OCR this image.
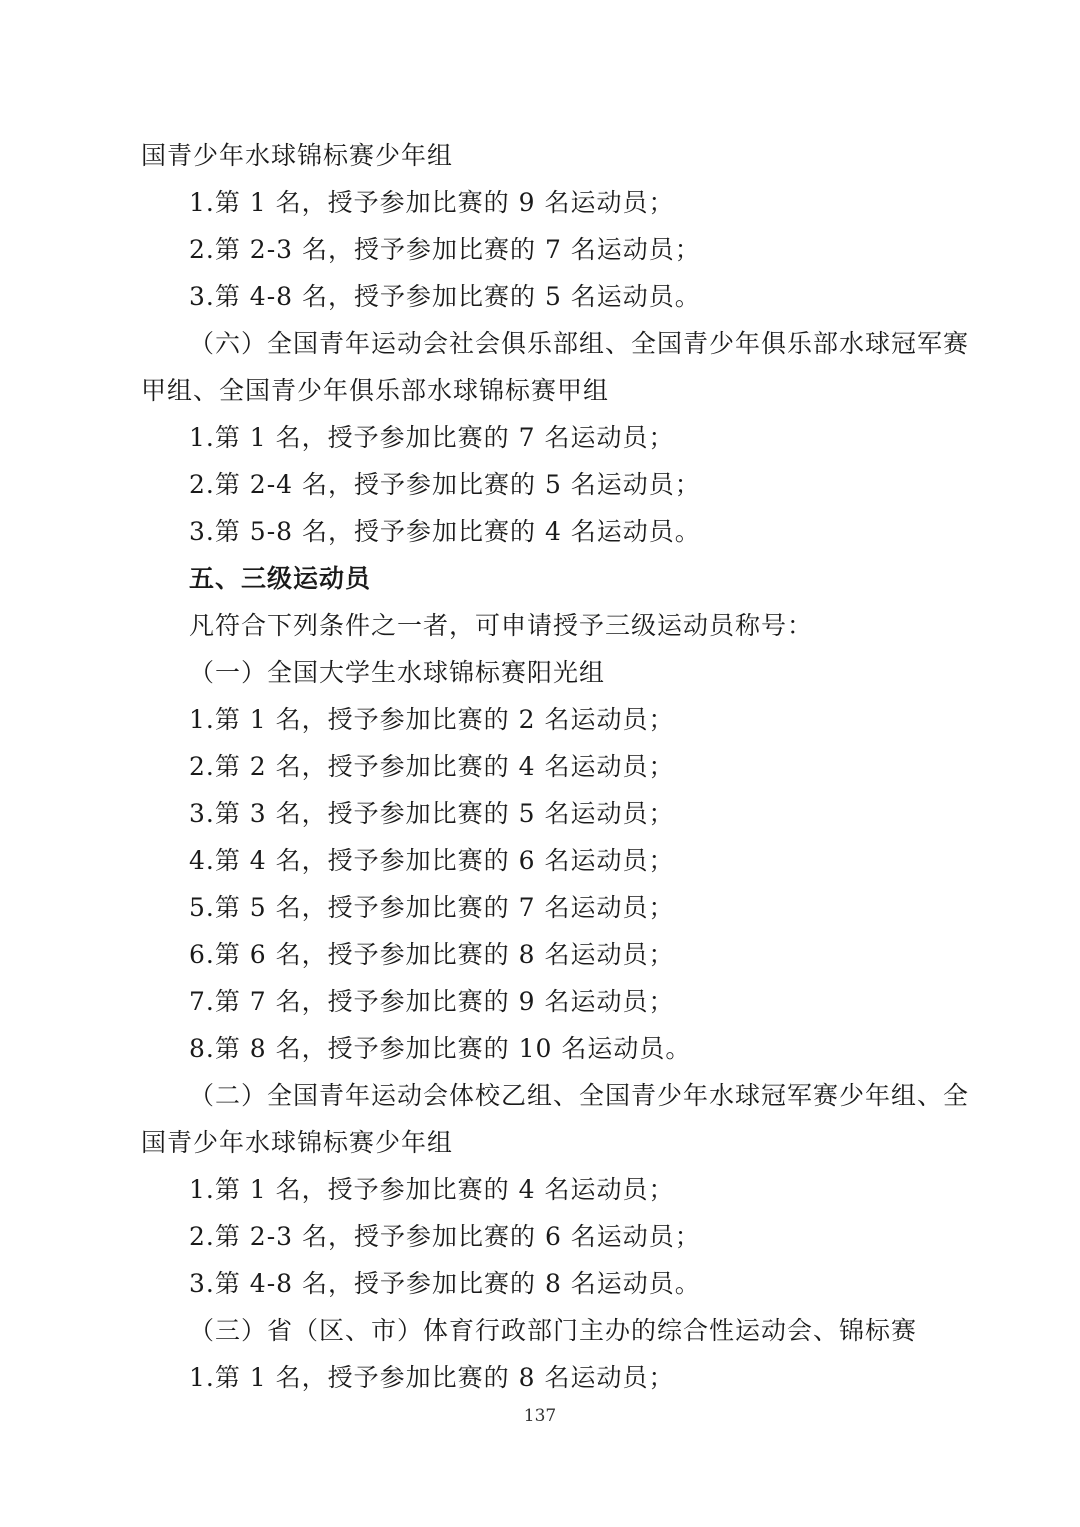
国青少年水球锦标赛少年组
1.第 1 名，授予参加比赛的 9 名运动员；
2.第 2-3 名，授予参加比赛的 7 名运动员；
3.第 4-8 名，授予参加比赛的 5 名运动员。
（六）全国青年运动会社会俱乐部组、全国青少年俱乐部水球冠军赛
甲组、全国青少年俱乐部水球锦标赛甲组
1.第 1 名，授予参加比赛的 7 名运动员；
2.第 2-4 名，授予参加比赛的 5 名运动员；
3.第 5-8 名，授予参加比赛的 4 名运动员。
五、三级运动员
凡符合下列条件之一者，可申请授予三级运动员称号：
（一）全国大学生水球锦标赛阳光组
1.第 1 名，授予参加比赛的 2 名运动员；
2.第 2 名，授予参加比赛的 4 名运动员；
3.第 3 名，授予参加比赛的 5 名运动员；
4.第 4 名，授予参加比赛的 6 名运动员；
5.第 5 名，授予参加比赛的 7 名运动员；
6.第 6 名，授予参加比赛的 8 名运动员；
7.第 7 名，授予参加比赛的 9 名运动员；
8.第 8 名，授予参加比赛的 10 名运动员。
（二）全国青年运动会体校乙组、全国青少年水球冠军赛少年组、全
国青少年水球锦标赛少年组
1.第 1 名，授予参加比赛的 4 名运动员；
2.第 2-3 名，授予参加比赛的 6 名运动员；
3.第 4-8 名，授予参加比赛的 8 名运动员。
（三）省（区、市）体育行政部门主办的综合性运动会、锦标赛
1.第 1 名，授予参加比赛的 8 名运动员；
137
